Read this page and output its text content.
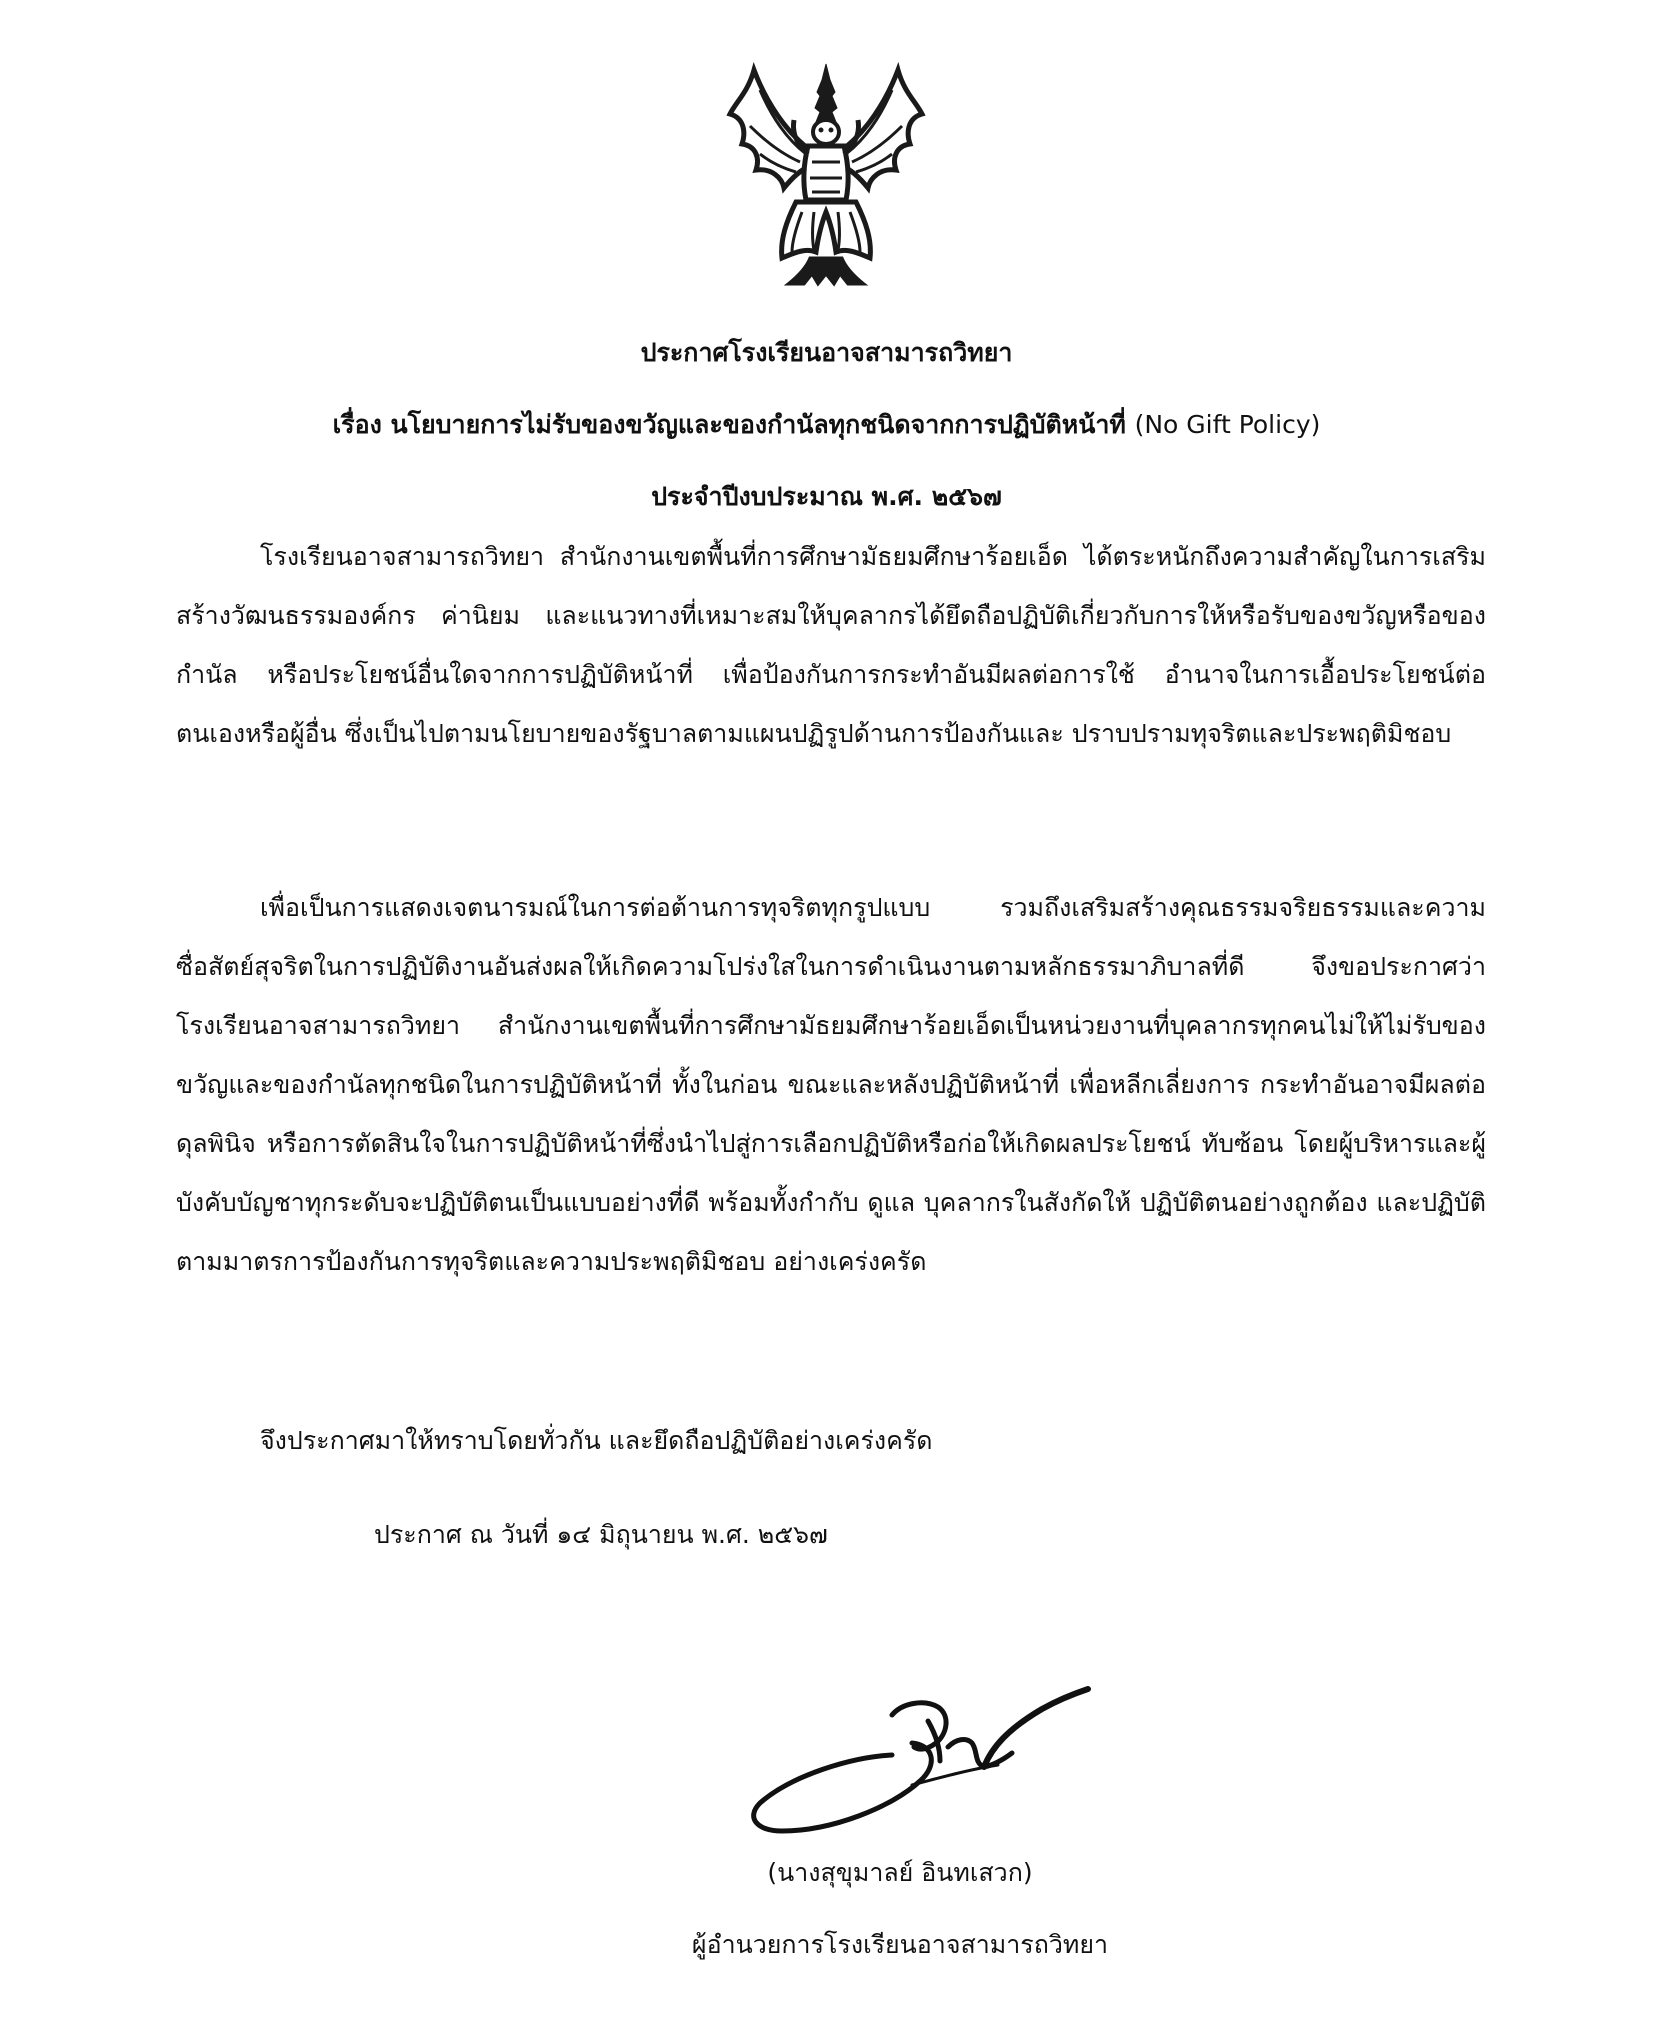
ประกาศโรงเรียนอาจสามารถวิทยา
เรื่อง นโยบายการไม่รับของขวัญและของกำนัลทุกชนิดจากการปฏิบัติหน้าที่ (No Gift Policy)
ประจำปีงบประมาณ พ.ศ. ๒๕๖๗

โรงเรียนอาจสามารถวิทยา สำนักงานเขตพื้นที่การศึกษามัธยมศึกษาร้อยเอ็ด ได้ตระหนักถึงความสำคัญในการเสริมสร้างวัฒนธรรมองค์กร ค่านิยม และแนวทางที่เหมาะสมให้บุคลากรได้ยึดถือปฏิบัติเกี่ยวกับการให้หรือรับของขวัญหรือของกำนัล หรือประโยชน์อื่นใดจากการปฏิบัติหน้าที่ เพื่อป้องกันการกระทำอันมีผลต่อการใช้ อำนาจในการเอื้อประโยชน์ต่อตนเองหรือผู้อื่น ซึ่งเป็นไปตามนโยบายของรัฐบาลตามแผนปฏิรูปด้านการป้องกันและ ปราบปรามทุจริตและประพฤติมิชอบ

เพื่อเป็นการแสดงเจตนารมณ์ในการต่อต้านการทุจริตทุกรูปแบบ รวมถึงเสริมสร้างคุณธรรมจริยธรรมและความ ซื่อสัตย์สุจริตในการปฏิบัติงานอันส่งผลให้เกิดความโปร่งใสในการดำเนินงานตามหลักธรรมาภิบาลที่ดี จึงขอประกาศว่าโรงเรียนอาจสามารถวิทยา สำนักงานเขตพื้นที่การศึกษามัธยมศึกษาร้อยเอ็ดเป็นหน่วยงานที่บุคลากรทุกคนไม่ให้ไม่รับของขวัญและของกำนัลทุกชนิดในการปฏิบัติหน้าที่ ทั้งในก่อน ขณะและหลังปฏิบัติหน้าที่ เพื่อหลีกเลี่ยงการ กระทำอันอาจมีผลต่อดุลพินิจ หรือการตัดสินใจในการปฏิบัติหน้าที่ซึ่งนำไปสู่การเลือกปฏิบัติหรือก่อให้เกิดผลประโยชน์ ทับซ้อน โดยผู้บริหารและผู้บังคับบัญชาทุกระดับจะปฏิบัติตนเป็นแบบอย่างที่ดี พร้อมทั้งกำกับ ดูแล บุคลากรในสังกัดให้ ปฏิบัติตนอย่างถูกต้อง และปฏิบัติตามมาตรการป้องกันการทุจริตและความประพฤติมิชอบ อย่างเคร่งครัด

จึงประกาศมาให้ทราบโดยทั่วกัน และยึดถือปฏิบัติอย่างเคร่งครัด
ประกาศ ณ วันที่ ๑๔ มิถุนายน พ.ศ. ๒๕๖๗
(นางสุขุมาลย์ อินทเสวก)
ผู้อำนวยการโรงเรียนอาจสามารถวิทยา
